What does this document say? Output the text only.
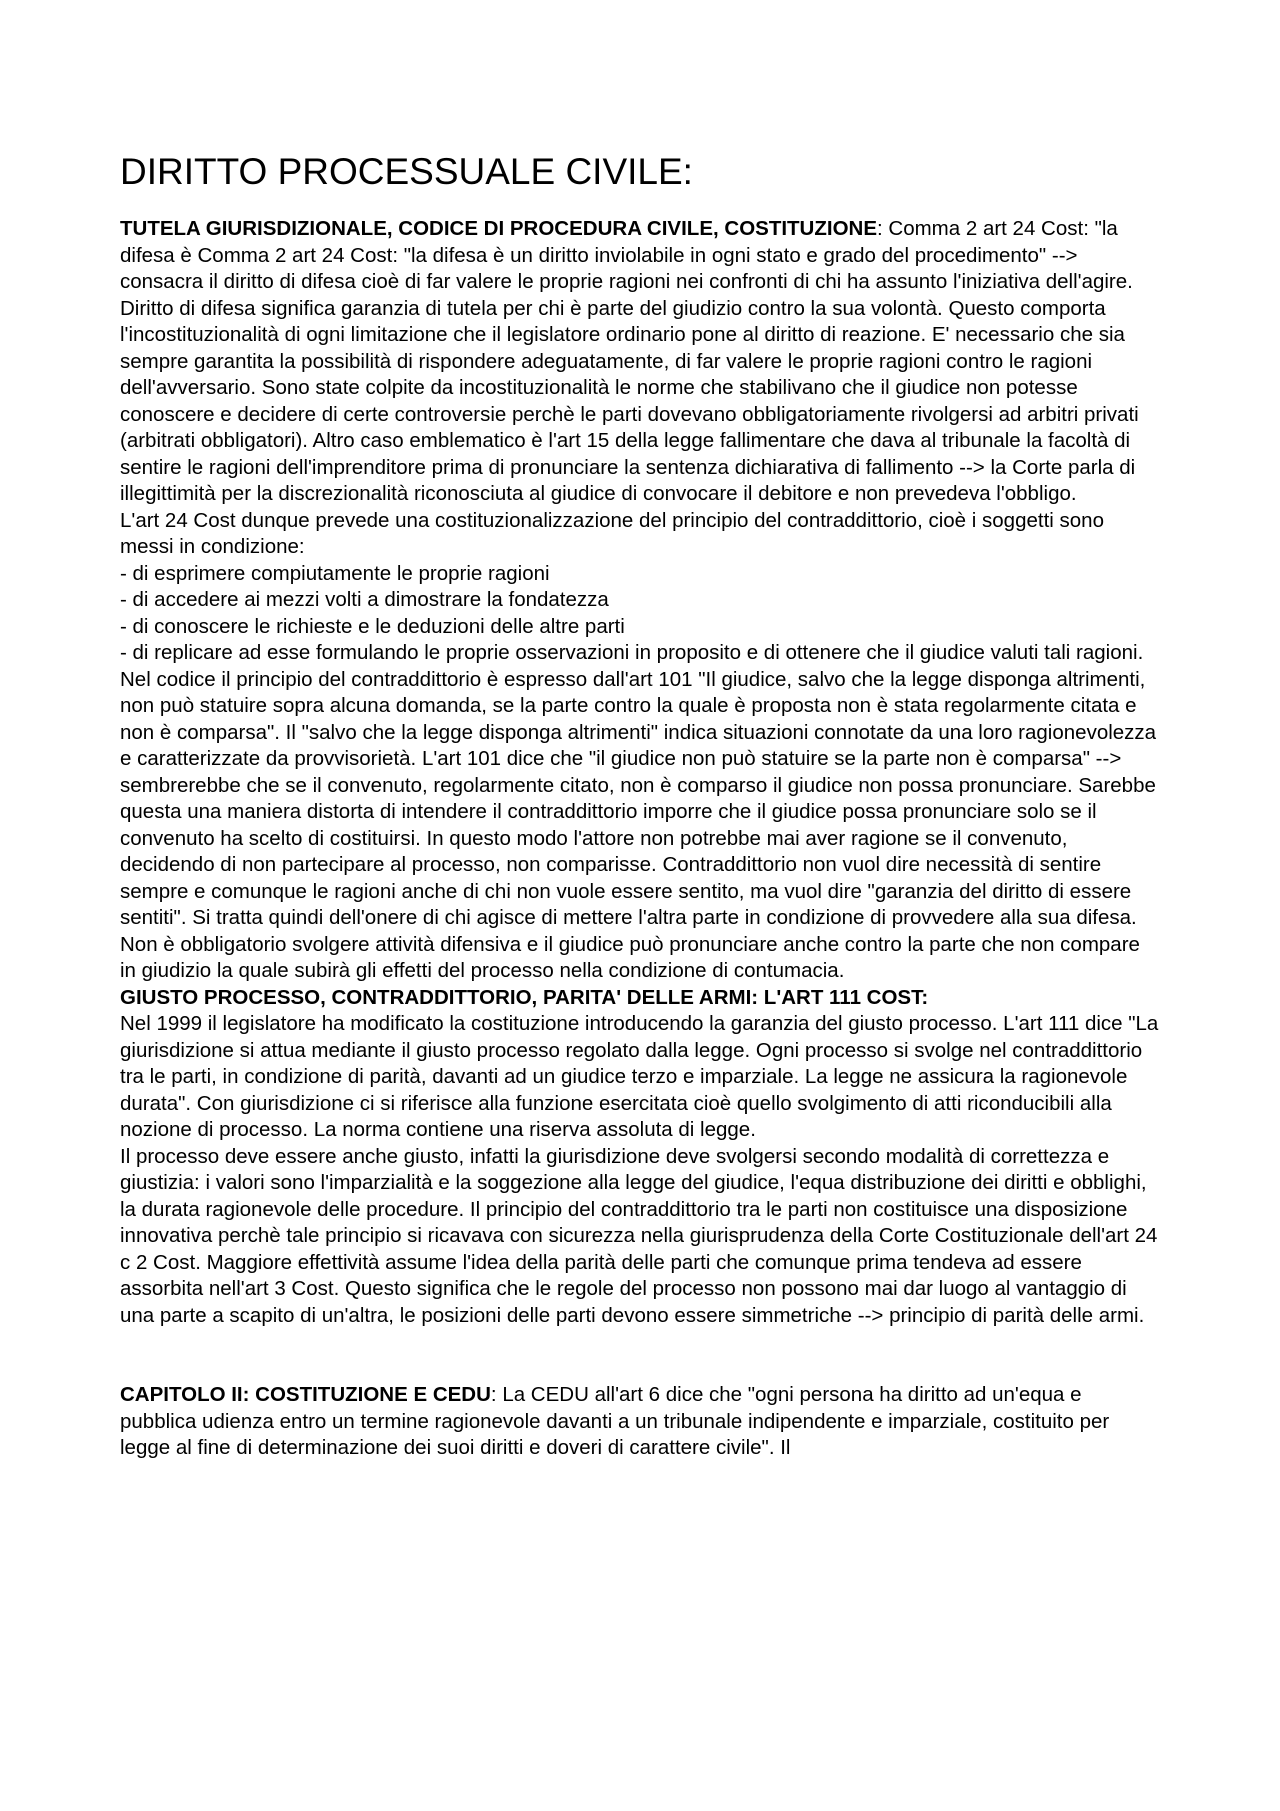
DIRITTO PROCESSUALE CIVILE:
TUTELA GIURISDIZIONALE, CODICE DI PROCEDURA CIVILE, COSTITUZIONE: Comma 2 art 24 Cost: "la difesa è Comma 2 art 24 Cost: "la difesa è un diritto inviolabile in ogni stato e grado del procedimento" --> consacra il diritto di difesa cioè di far valere le proprie ragioni nei confronti di chi ha assunto l'iniziativa dell'agire. Diritto di difesa significa garanzia di tutela per chi è parte del giudizio contro la sua volontà. Questo comporta l'incostituzionalità di ogni limitazione che il legislatore ordinario pone al diritto di reazione. E' necessario che sia sempre garantita la possibilità di rispondere adeguatamente, di far valere le proprie ragioni contro le ragioni dell'avversario. Sono state colpite da incostituzionalità le norme che stabilivano che il giudice non potesse conoscere e decidere di certe controversie perchè le parti dovevano obbligatoriamente rivolgersi ad arbitri privati (arbitrati obbligatori). Altro caso emblematico è l'art 15 della legge fallimentare che dava al tribunale la facoltà di sentire le ragioni dell'imprenditore prima di pronunciare la sentenza dichiarativa di fallimento --> la Corte parla di illegittimità per la discrezionalità riconosciuta al giudice di convocare il debitore e non prevedeva l'obbligo.
L'art 24 Cost dunque prevede una costituzionalizzazione del principio del contraddittorio, cioè i soggetti sono messi in condizione:
- di esprimere compiutamente le proprie ragioni
- di accedere ai mezzi volti a dimostrare la fondatezza
- di conoscere le richieste e le deduzioni delle altre parti
- di replicare ad esse formulando le proprie osservazioni in proposito e di ottenere che il giudice valuti tali ragioni.
Nel codice il principio del contraddittorio è espresso dall'art 101 "Il giudice, salvo che la legge disponga altrimenti, non può statuire sopra alcuna domanda, se la parte contro la quale è proposta non è stata regolarmente citata e non è comparsa". Il "salvo che la legge disponga altrimenti" indica situazioni connotate da una loro ragionevolezza e caratterizzate da provvisorietà. L'art 101 dice che "il giudice non può statuire se la parte non è comparsa" --> sembrerebbe che se il convenuto, regolarmente citato, non è comparso il giudice non possa pronunciare. Sarebbe questa una maniera distorta di intendere il contraddittorio imporre che il giudice possa pronunciare solo se il convenuto ha scelto di costituirsi. In questo modo l'attore non potrebbe mai aver ragione se il convenuto, decidendo di non partecipare al processo, non comparisse. Contraddittorio non vuol dire necessità di sentire sempre e comunque le ragioni anche di chi non vuole essere sentito, ma vuol dire "garanzia del diritto di essere sentiti". Si tratta quindi dell'onere di chi agisce di mettere l'altra parte in condizione di provvedere alla sua difesa. Non è obbligatorio svolgere attività difensiva e il giudice può pronunciare anche contro la parte che non compare in giudizio la quale subirà gli effetti del processo nella condizione di contumacia.
GIUSTO PROCESSO, CONTRADDITTORIO, PARITA' DELLE ARMI: L'ART 111 COST:
Nel 1999 il legislatore ha modificato la costituzione introducendo la garanzia del giusto processo. L'art 111 dice "La giurisdizione si attua mediante il giusto processo regolato dalla legge. Ogni processo si svolge nel contraddittorio tra le parti, in condizione di parità, davanti ad un giudice terzo e imparziale. La legge ne assicura la ragionevole durata". Con giurisdizione ci si riferisce alla funzione esercitata cioè quello svolgimento di atti riconducibili alla nozione di processo. La norma contiene una riserva assoluta di legge.
Il processo deve essere anche giusto, infatti la giurisdizione deve svolgersi secondo modalità di correttezza e giustizia: i valori sono l'imparzialità e la soggezione alla legge del giudice, l'equa distribuzione dei diritti e obblighi, la durata ragionevole delle procedure. Il principio del contraddittorio tra le parti non costituisce una disposizione innovativa perchè tale principio si ricavava con sicurezza nella giurisprudenza della Corte Costituzionale dell'art 24 c 2 Cost. Maggiore effettività assume l'idea della parità delle parti che comunque prima tendeva ad essere assorbita nell'art 3 Cost. Questo significa che le regole del processo non possono mai dar luogo al vantaggio di una parte a scapito di un'altra, le posizioni delle parti devono essere simmetriche --> principio di parità delle armi.
CAPITOLO II: COSTITUZIONE E CEDU: La CEDU all'art 6 dice che "ogni persona ha diritto ad un'equa e pubblica udienza entro un termine ragionevole davanti a un tribunale indipendente e imparziale, costituito per legge al fine di determinazione dei suoi diritti e doveri di carattere civile". Il
